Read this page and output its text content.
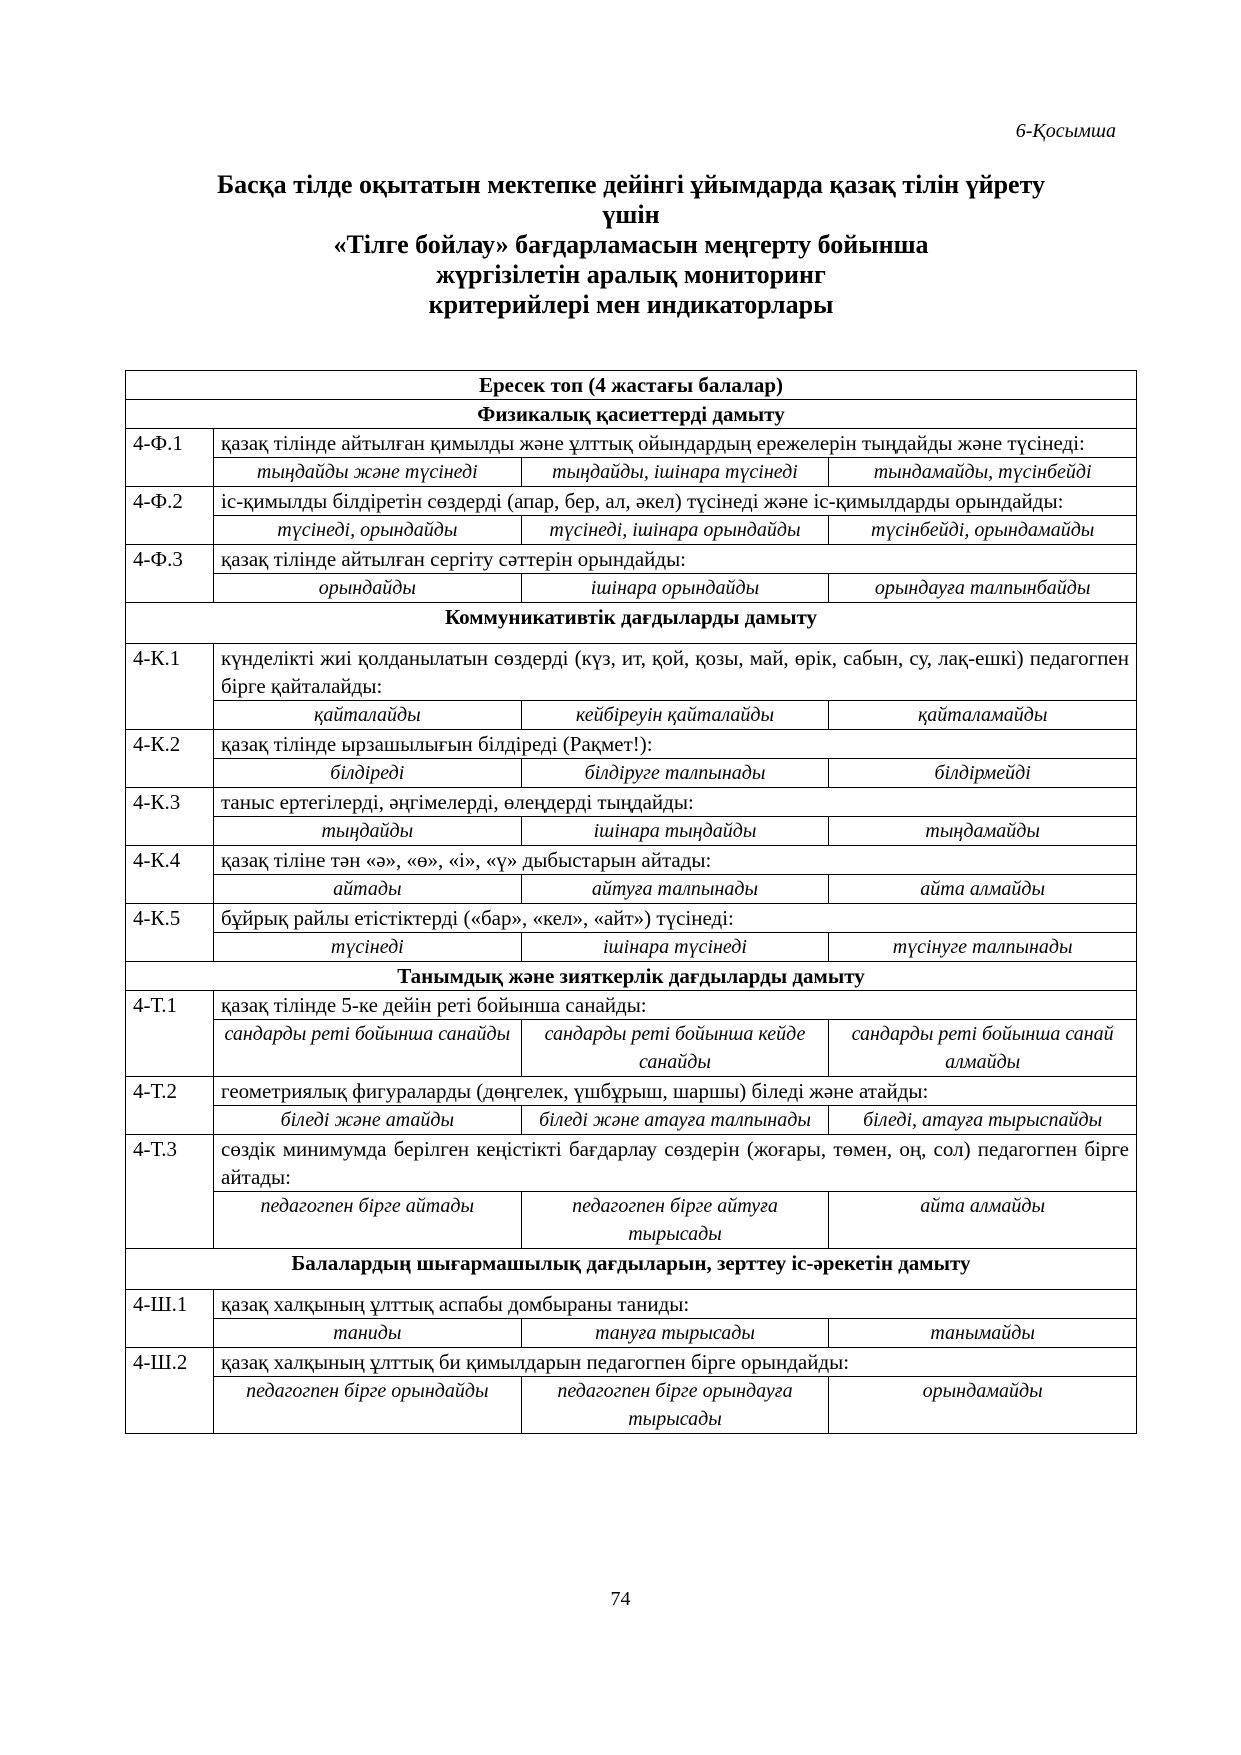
6-Қосымша
Басқа тілде оқытатын мектепке дейінгі ұйымдарда қазақ тілін үйрету
үшін
«Тілге бойлау» бағдарламасын меңгерту бойынша
жүргізілетін аралық мониторинг
критерийлері мен индикаторлары
Ересек топ (4 жастағы балалар)			
Физикалық қасиеттерді дамыту			
4-Ф.1	қазақ тілінде айтылған қимылды және ұлттық ойындардың ережелерін тыңдайды және түсінеді:		
	тыңдайды және түсінеді	тыңдайды, ішінара түсінеді	тындамайды, түсінбейді
4-Ф.2	іс-қимылды білдіретін сөздерді (апар, бер, ал, әкел) түсінеді және іс-қимылдарды орындайды:		
	түсінеді, орындайды	түсінеді, ішінара орындайды	түсінбейді, орындамайды
4-Ф.3	қазақ тілінде айтылған сергіту сәттерін орындайды:		
	орындайды	ішінара орындайды	орындауға талпынбайды
Коммуникативтік дағдыларды дамыту			
4-К.1	күнделікті жиі қолданылатын сөздерді (күз, ит, қой, қозы, май, өрік, сабын, су, лақ-ешкі) педагогпен бірге қайталайды:		
	қайталайды	кейбіреуін қайталайды	қайталамайды
4-К.2	қазақ тілінде ырзашылығын білдіреді (Рақмет!):		
	білдіреді	білдіруге талпынады	білдірмейді
4-К.3	таныс ертегілерді, әңгімелерді, өлеңдерді тыңдайды:		
	тыңдайды	ішінара тыңдайды	тыңдамайды
4-К.4	қазақ тіліне тән «ә», «ө», «і», «ү» дыбыстарын айтады:		
	айтады	айтуға талпынады	айта алмайды
4-К.5	бұйрық райлы етістіктерді («бар», «кел», «айт») түсінеді:		
	түсінеді	ішінара түсінеді	түсінуге талпынады
Танымдық және зияткерлік дағдыларды дамыту			
4-Т.1	қазақ тілінде 5-ке дейін реті бойынша санайды:		
	сандарды реті бойынша санайды	сандарды реті бойынша кейде санайды	сандарды реті бойынша санай алмайды
4-Т.2	геометриялық фигураларды (дөңгелек, үшбұрыш, шаршы) біледі және атайды:		
	біледі және атайды	біледі және атауға талпынады	біледі, атауға тырыспайды
4-Т.3	сөздік минимумда берілген кеңістікті бағдарлау сөздерін (жоғары, төмен, оң, сол) педагогпен бірге айтады:		
	педагогпен бірге айтады	педагогпен бірге айтуға тырысады	айта алмайды
Балалардың шығармашылық дағдыларын, зерттеу іс-әрекетін дамыту			
4-Ш.1	қазақ халқының ұлттық аспабы домбыраны таниды:		
	таниды	тануға тырысады	танымайды
4-Ш.2	қазақ халқының ұлттық би қимылдарын педагогпен бірге орындайды:		
	педагогпен бірге орындайды	педагогпен бірге орындауға тырысады	орындамайды
74
